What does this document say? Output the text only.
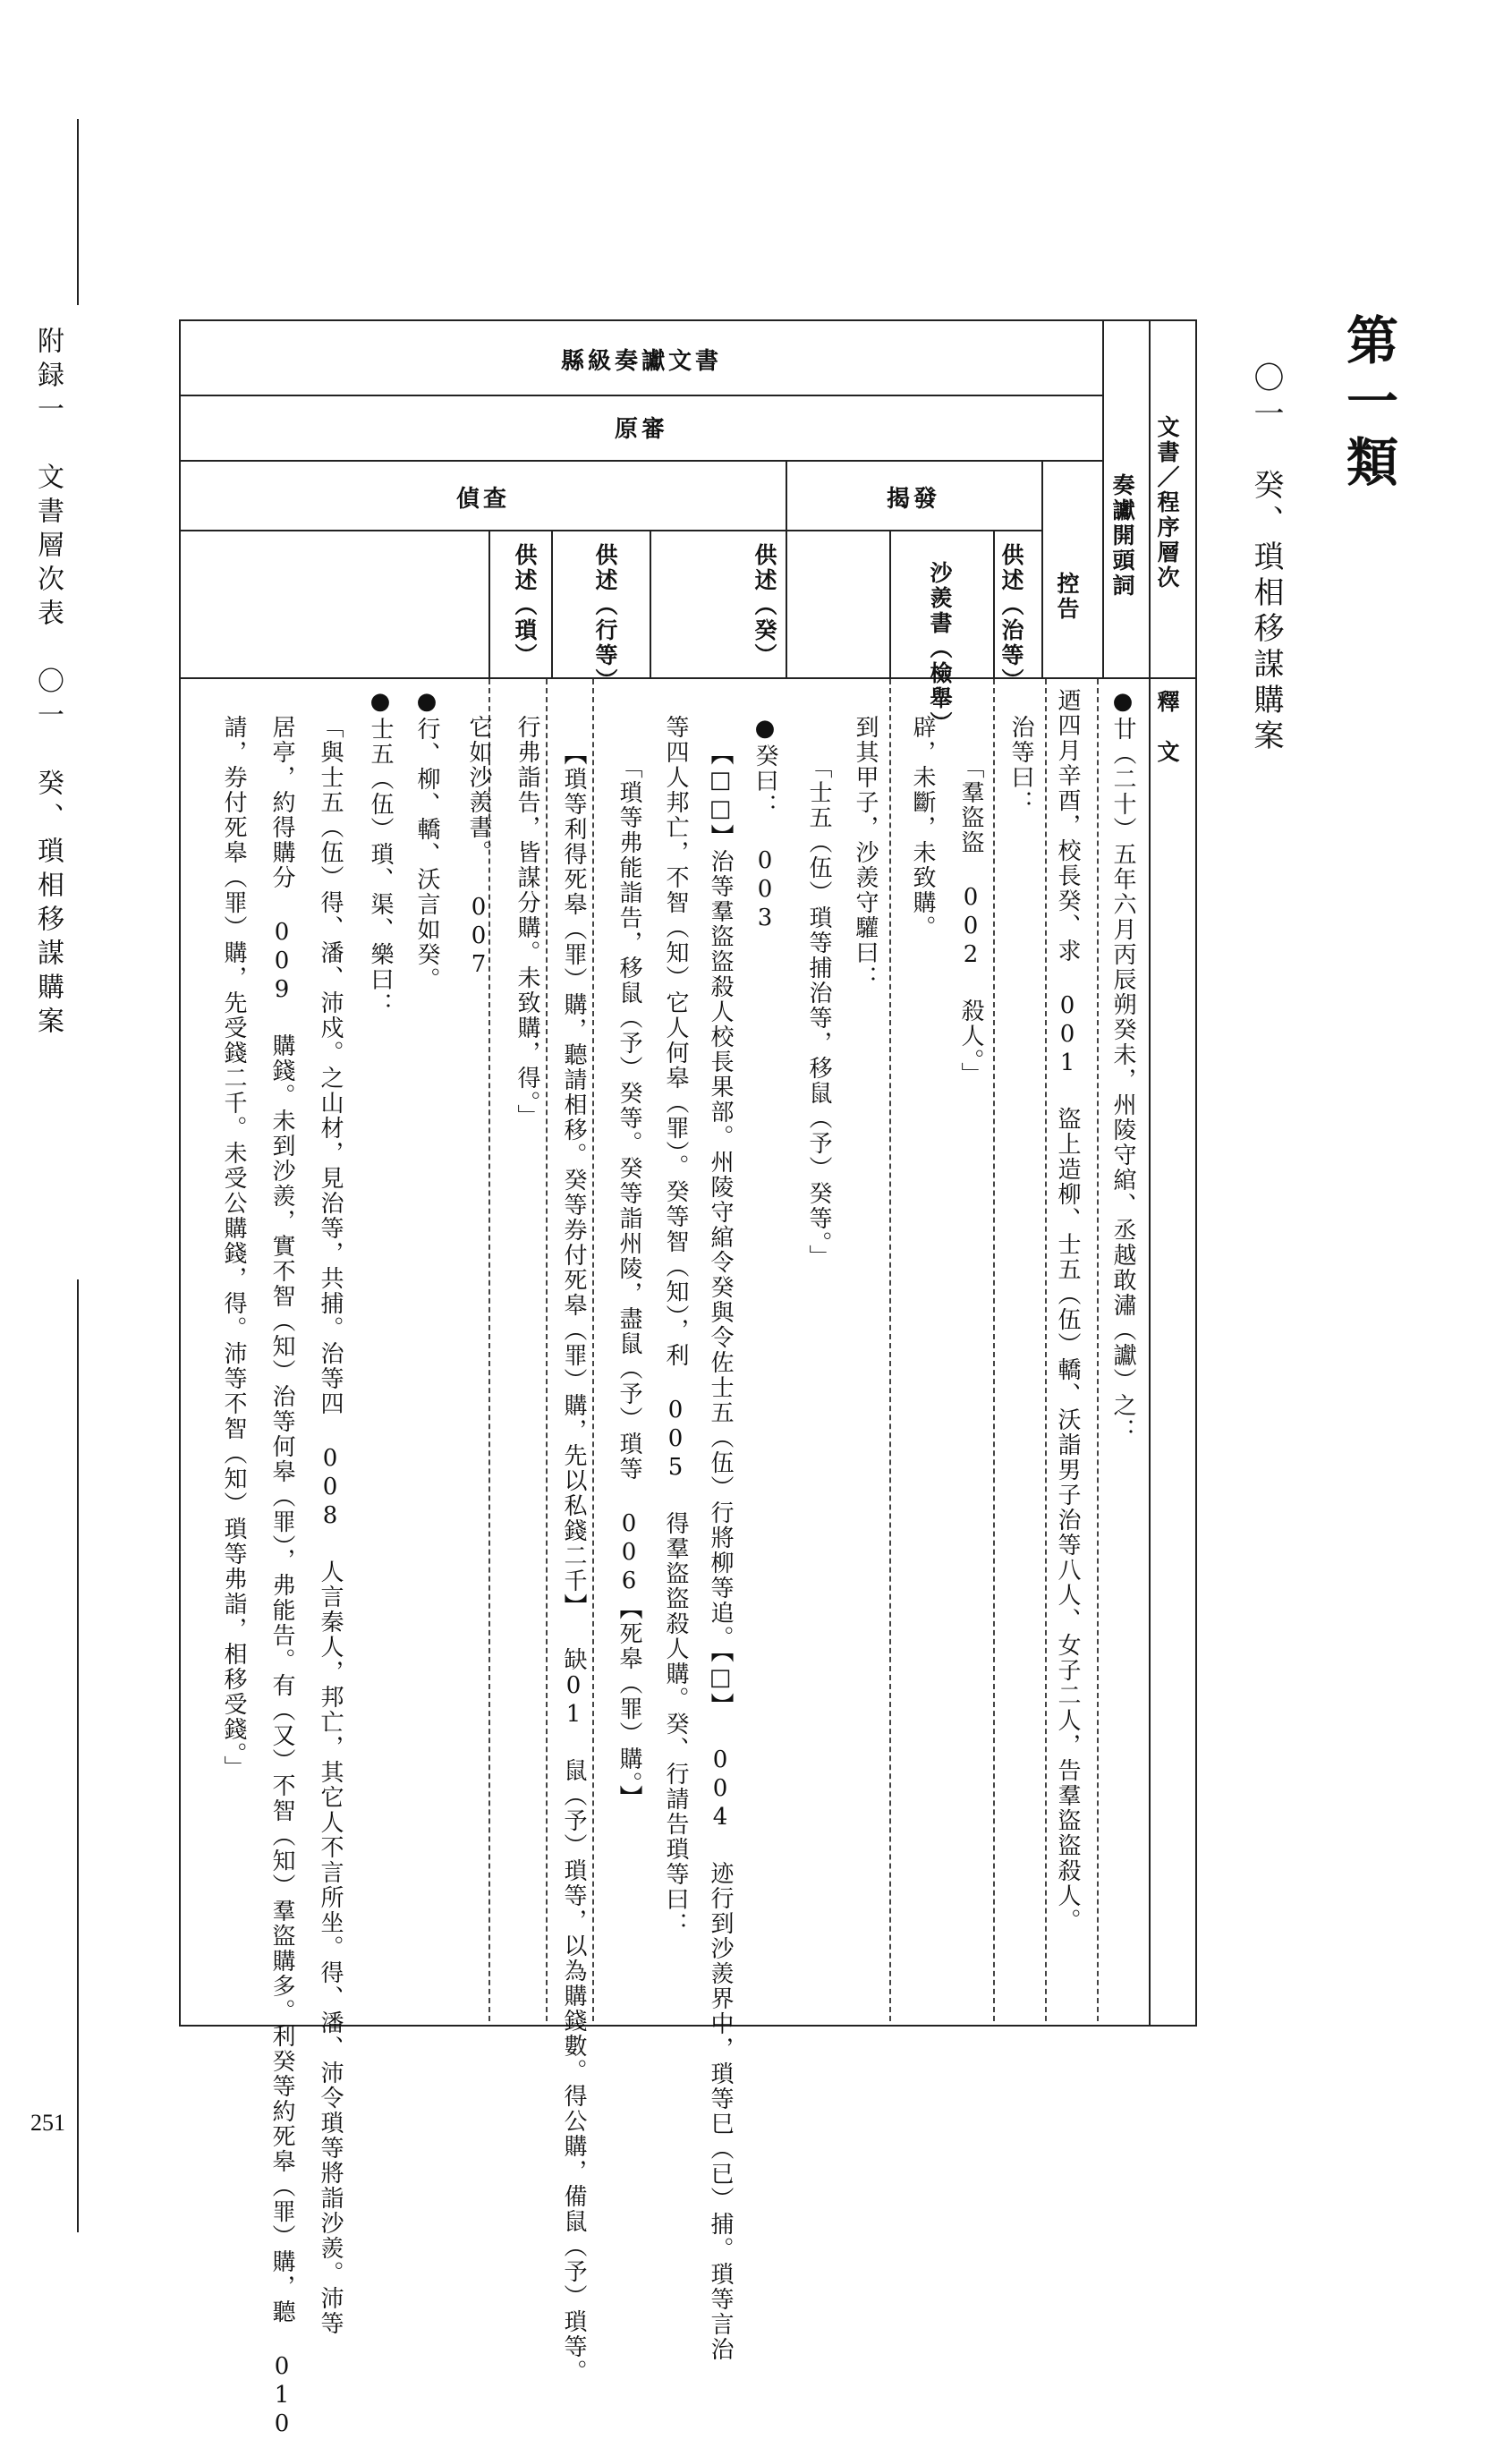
附録一　文書層次表　〇一　癸、瑣相移謀購案
251
第一類
〇一　癸、瑣相移謀購案
文書／程序層次
釋　文
縣級奏讞文書
原審
偵查	揭發	奏讞開頭詞
控告
供述（治等）
沙羨書（檢舉）
供述（癸）
供述（行等）
供述（瑣）
●廿（二十）五年六月丙辰朔癸未，州陵守綰、丞越敢潚（讞）之：
迺四月辛酉，校長癸、求 001 盜上造柳、士五（伍）轎、沃詣男子治等八人、女子二人，告羣盜盜殺人。
治等曰：
「羣盜盜 002 殺人。」
辟，未斷，未致購。
到其甲子，沙羨守驩曰：
「士五（伍）瑣等捕治等，移鼠（予）癸等。」
●癸曰： 003
【□□】治等羣盜盜殺人校長果部。州陵守綰令癸與令佐士五（伍）行將柳等追。【□】 004 迹行到沙羨界中，瑣等巳（已）捕。瑣等言治
等四人邦亡，不智（知）它人何皋（罪）。癸等智（知），利 005 得羣盜盜殺人購。癸、行請告瑣等曰：
「瑣等弗能詣告，移鼠（予）癸等。癸等詣州陵，盡鼠（予）瑣等 006【死皋（罪）購。】
【瑣等利得死皋（罪）購，聽請相移。癸等券付死皋（罪）購，先以私錢二千】 缺01 鼠（予）瑣等，以為購錢數。得公購，備鼠（予）瑣等。
行弗詣告，皆謀分購。未致購，得。」
它如沙羨書。 007
●行、柳、轎、沃言如癸。
●士五（伍）瑣、渠、樂曰：
「與士五（伍）得、潘、沛戍。之山材，見治等，共捕。治等四 008 人言秦人，邦亡，其它人不言所坐。得、潘、沛令瑣等將詣沙羨。沛等
居亭，約得購分 009 購錢。未到沙羨，實不智（知）治等何皋（罪），弗能告。有（又）不智（知）羣盜購多。利癸等約死皋（罪）購，聽 010
請，券付死皋（罪）購，先受錢二千。未受公購錢，得。沛等不智（知）瑣等弗詣，相移受錢。」
